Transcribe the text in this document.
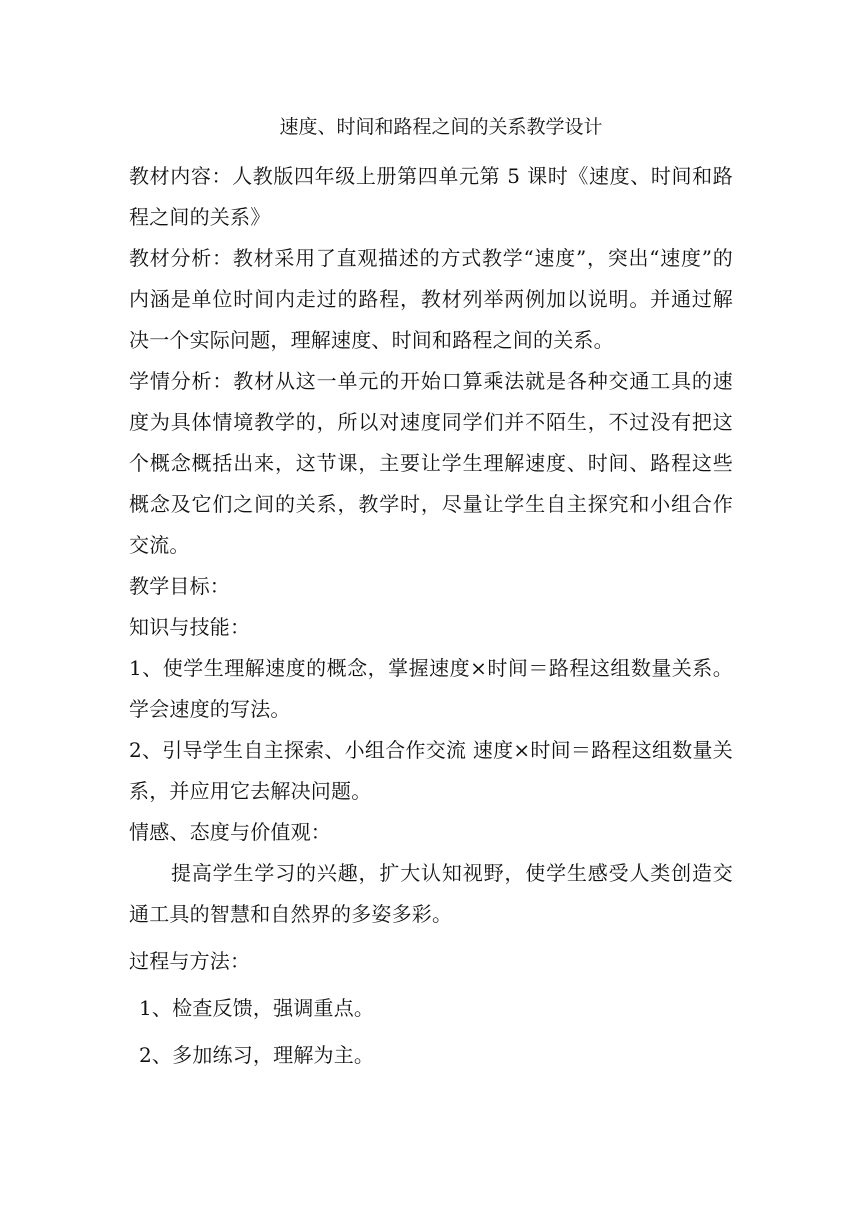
速度、时间和路程之间的关系教学设计

教材内容：人教版四年级上册第四单元第 5 课时《速度、时间和路程之间的关系》

教材分析：教材采用了直观描述的方式教学“速度”，突出“速度”的内涵是单位时间内走过的路程，教材列举两例加以说明。并通过解决一个实际问题，理解速度、时间和路程之间的关系。

学情分析：教材从这一单元的开始口算乘法就是各种交通工具的速度为具体情境教学的，所以对速度同学们并不陌生，不过没有把这个概念概括出来，这节课，主要让学生理解速度、时间、路程这些概念及它们之间的关系，教学时，尽量让学生自主探究和小组合作交流。

教学目标：

知识与技能：

1、使学生理解速度的概念，掌握速度×时间＝路程这组数量关系。学会速度的写法。

2、引导学生自主探索、小组合作交流 速度×时间＝路程这组数量关系，并应用它去解决问题。

情感、态度与价值观：

提高学生学习的兴趣，扩大认知视野，使学生感受人类创造交通工具的智慧和自然界的多姿多彩。

过程与方法：

1、检查反馈，强调重点。

2、多加练习，理解为主。
